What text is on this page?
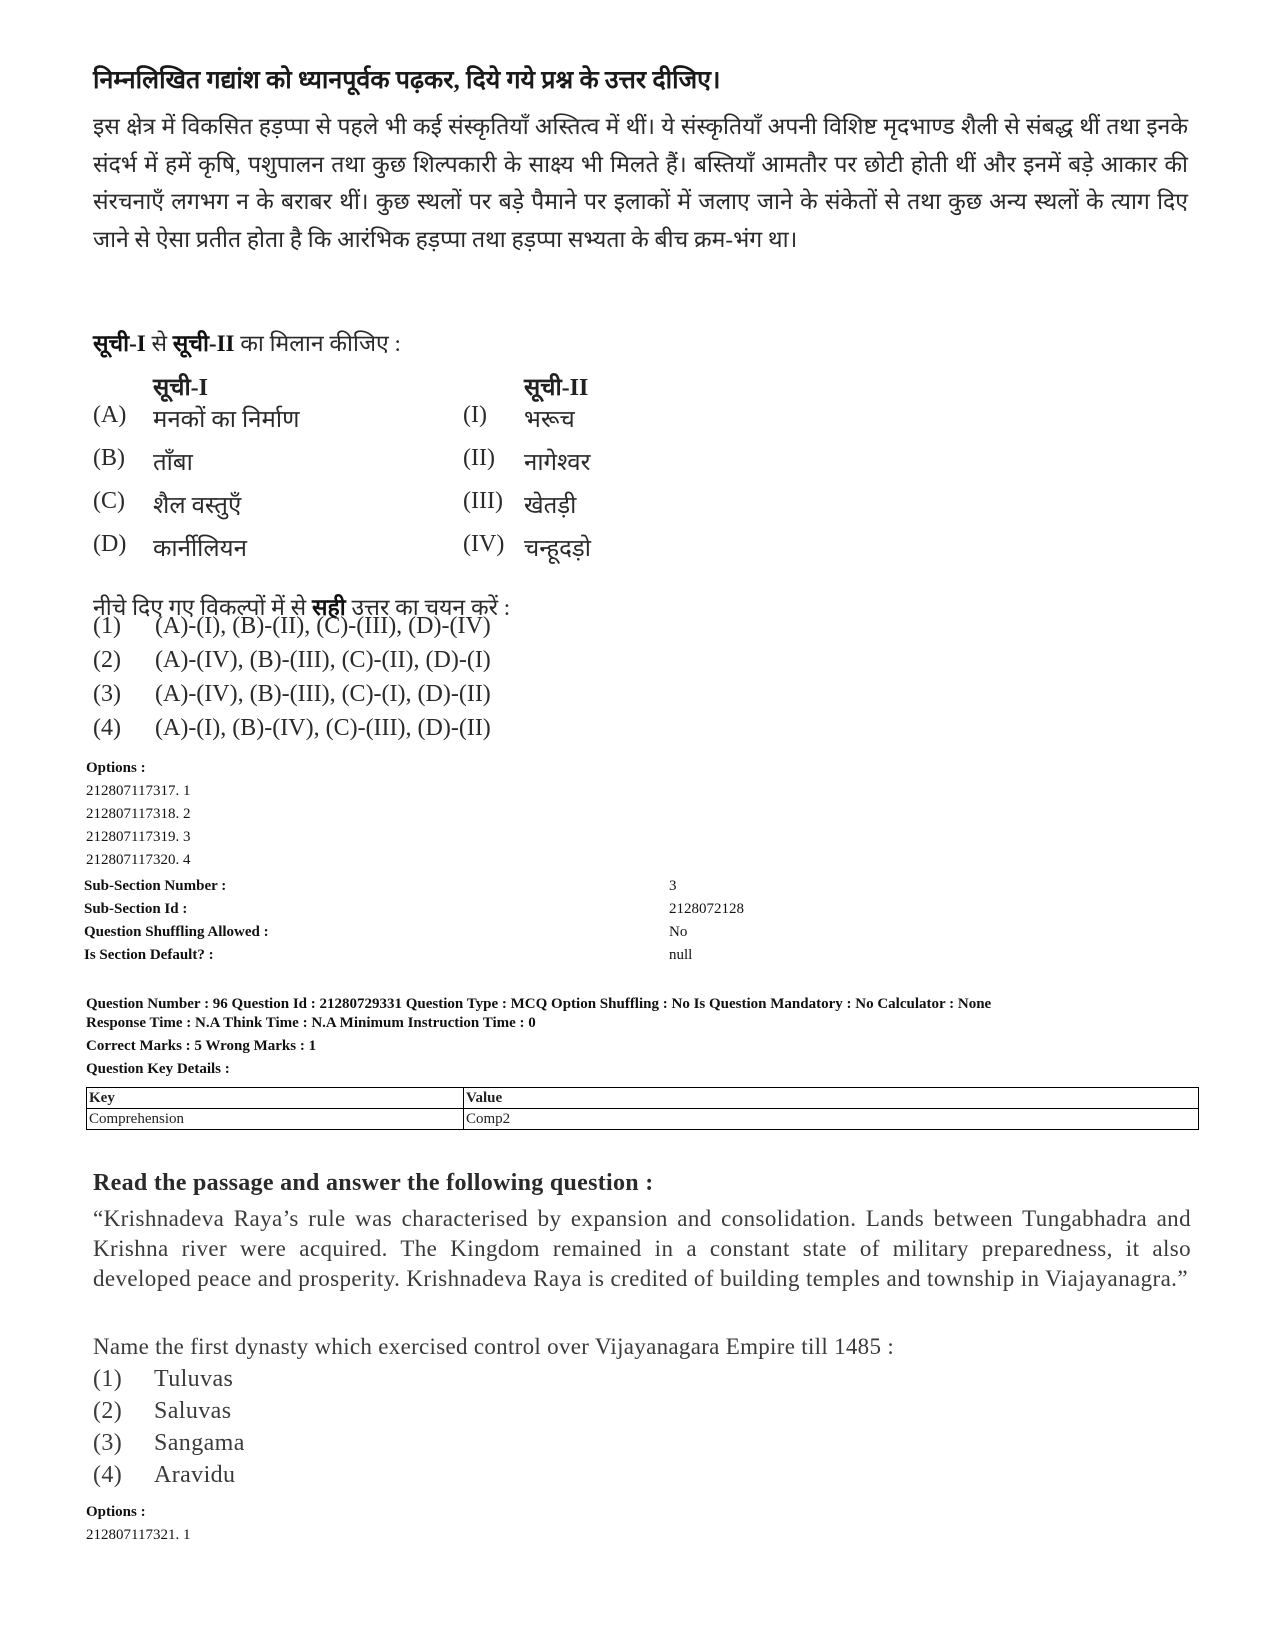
निम्नलिखित गद्यांश को ध्यानपूर्वक पढ़कर, दिये गये प्रश्न के उत्तर दीजिए।

इस क्षेत्र में विकसित हड़प्पा से पहले भी कई संस्कृतियाँ अस्तित्व में थीं। ये संस्कृतियाँ अपनी विशिष्ट मृदभाण्ड शैली से संबद्ध थीं तथा इनके संदर्भ में हमें कृषि, पशुपालन तथा कुछ शिल्पकारी के साक्ष्य भी मिलते हैं। बस्तियाँ आमतौर पर छोटी होती थीं और इनमें बड़े आकार की संरचनाएँ लगभग न के बराबर थीं। कुछ स्थलों पर बड़े पैमाने पर इलाकों में जलाए जाने के संकेतों से तथा कुछ अन्य स्थलों के त्याग दिए जाने से ऐसा प्रतीत होता है कि आरंभिक हड़प्पा तथा हड़प्पा सभ्यता के बीच क्रम-भंग था।

सूची-I से सूची-II का मिलान कीजिए :
सूची-I	सूची-II
(A) मनकों का निर्माण	(I) भरूच
(B) ताँबा	(II) नागेश्वर
(C) शैल वस्तुएँ	(III) खेतड़ी
(D) कार्नीलियन	(IV) चन्हूदड़ो
नीचे दिए गए विकल्पों में से सही उत्तर का चयन करें :
(1) (A)-(I), (B)-(II), (C)-(III), (D)-(IV)
(2) (A)-(IV), (B)-(III), (C)-(II), (D)-(I)
(3) (A)-(IV), (B)-(III), (C)-(I), (D)-(II)
(4) (A)-(I), (B)-(IV), (C)-(III), (D)-(II)
Options :
212807117317. 1
212807117318. 2
212807117319. 3
212807117320. 4
Sub-Section Number :	3
Sub-Section Id :	2128072128
Question Shuffling Allowed :	No
Is Section Default? :	null
Question Number : 96 Question Id : 21280729331 Question Type : MCQ Option Shuffling : No Is Question Mandatory : No Calculator : None
Response Time : N.A Think Time : N.A Minimum Instruction Time : 0
Correct Marks : 5 Wrong Marks : 1
Question Key Details :
Key	Value
Comprehension	Comp2
Read the passage and answer the following question :

“Krishnadeva Raya’s rule was characterised by expansion and consolidation. Lands between Tungabhadra and Krishna river were acquired. The Kingdom remained in a constant state of military preparedness, it also developed peace and prosperity. Krishnadeva Raya is credited of building temples and township in Viajayanagra.”

Name the first dynasty which exercised control over Vijayanagara Empire till 1485 :
(1) Tuluvas
(2) Saluvas
(3) Sangama
(4) Aravidu
Options :
212807117321. 1
